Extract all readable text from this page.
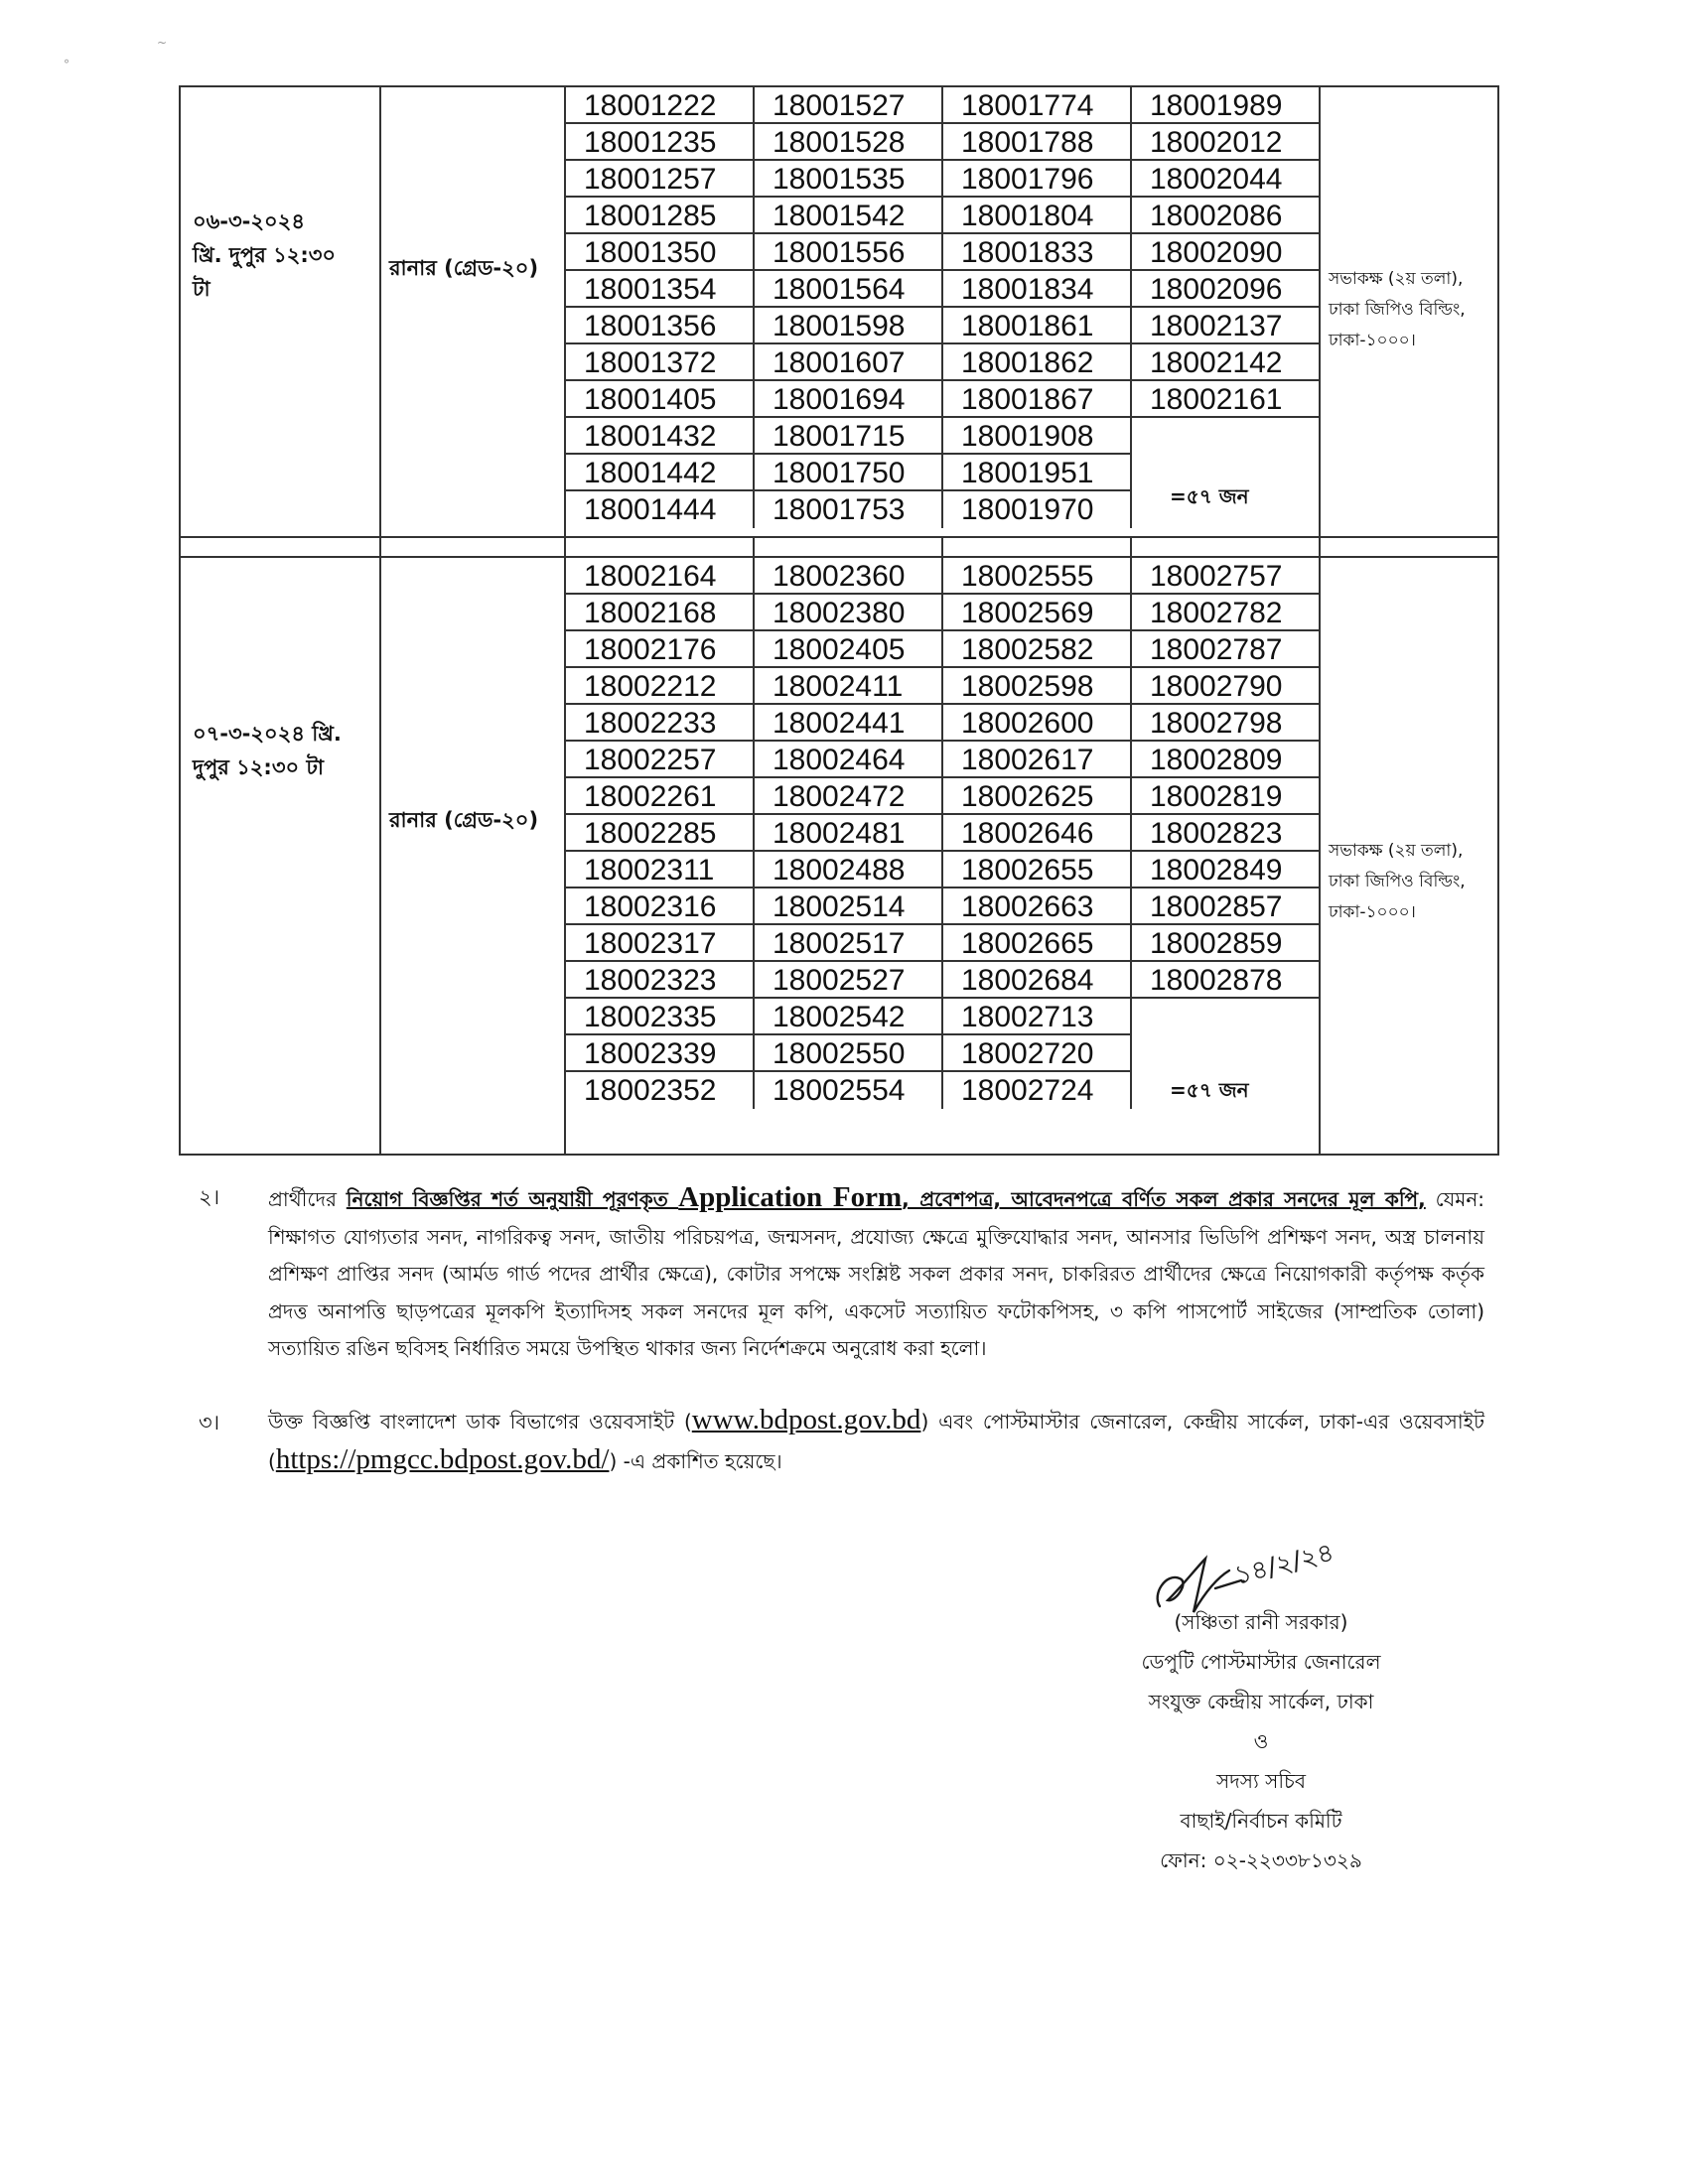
~
°
০৬-৩-২০২৪
খ্রি. দুপুর ১২:৩০
টা
রানার (গ্রেড-২০)
18001222	18001527	18001774	18001989
18001235	18001528	18001788	18002012
18001257	18001535	18001796	18002044
18001285	18001542	18001804	18002086
18001350	18001556	18001833	18002090
18001354	18001564	18001834	18002096
18001356	18001598	18001861	18002137
18001372	18001607	18001862	18002142
18001405	18001694	18001867	18002161
18001432	18001715	18001908
18001442	18001750	18001951
18001444	18001753	18001970	=৫৭ জন
সভাকক্ষ (২য় তলা), ঢাকা জিপিও বিল্ডিং, ঢাকা-১০০০।
০৭-৩-২০২৪ খ্রি.
দুপুর ১২:৩০ টা
রানার (গ্রেড-২০)
18002164	18002360	18002555	18002757
18002168	18002380	18002569	18002782
18002176	18002405	18002582	18002787
18002212	18002411	18002598	18002790
18002233	18002441	18002600	18002798
18002257	18002464	18002617	18002809
18002261	18002472	18002625	18002819
18002285	18002481	18002646	18002823
18002311	18002488	18002655	18002849
18002316	18002514	18002663	18002857
18002317	18002517	18002665	18002859
18002323	18002527	18002684	18002878
18002335	18002542	18002713
18002339	18002550	18002720
18002352	18002554	18002724	=৫৭ জন
সভাকক্ষ (২য় তলা), ঢাকা জিপিও বিল্ডিং, ঢাকা-১০০০।
২। প্রার্থীদের নিয়োগ বিজ্ঞপ্তির শর্ত অনুযায়ী পূরণকৃত Application Form, প্রবেশপত্র, আবেদনপত্রে বর্ণিত সকল প্রকার সনদের মূল কপি, যেমন: শিক্ষাগত যোগ্যতার সনদ, নাগরিকত্ব সনদ, জাতীয় পরিচয়পত্র, জন্মসনদ, প্রযোজ্য ক্ষেত্রে মুক্তিযোদ্ধার সনদ, আনসার ভিডিপি প্রশিক্ষণ সনদ, অস্ত্র চালনায় প্রশিক্ষণ প্রাপ্তির সনদ (আর্মড গার্ড পদের প্রার্থীর ক্ষেত্রে), কোটার সপক্ষে সংশ্লিষ্ট সকল প্রকার সনদ, চাকরিরত প্রার্থীদের ক্ষেত্রে নিয়োগকারী কর্তৃপক্ষ কর্তৃক প্রদত্ত অনাপত্তি ছাড়পত্রের মূলকপি ইত্যাদিসহ সকল সনদের মূল কপি, একসেট সত্যায়িত ফটোকপিসহ, ৩ কপি পাসপোর্ট সাইজের (সাম্প্রতিক তোলা) সত্যায়িত রঙিন ছবিসহ নির্ধারিত সময়ে উপস্থিত থাকার জন্য নির্দেশক্রমে অনুরোধ করা হলো।
৩। উক্ত বিজ্ঞপ্তি বাংলাদেশ ডাক বিভাগের ওয়েবসাইট (www.bdpost.gov.bd) এবং পোস্টমাস্টার জেনারেল, কেন্দ্রীয় সার্কেল, ঢাকা-এর ওয়েবসাইট (https://pmgcc.bdpost.gov.bd/) -এ প্রকাশিত হয়েছে।
১৪/২/২৪
(সঞ্চিতা রানী সরকার)
ডেপুটি পোস্টমাস্টার জেনারেল
সংযুক্ত কেন্দ্রীয় সার্কেল, ঢাকা
ও
সদস্য সচিব
বাছাই/নির্বাচন কমিটি
ফোন: ০২-২২৩৩৮১৩২৯
